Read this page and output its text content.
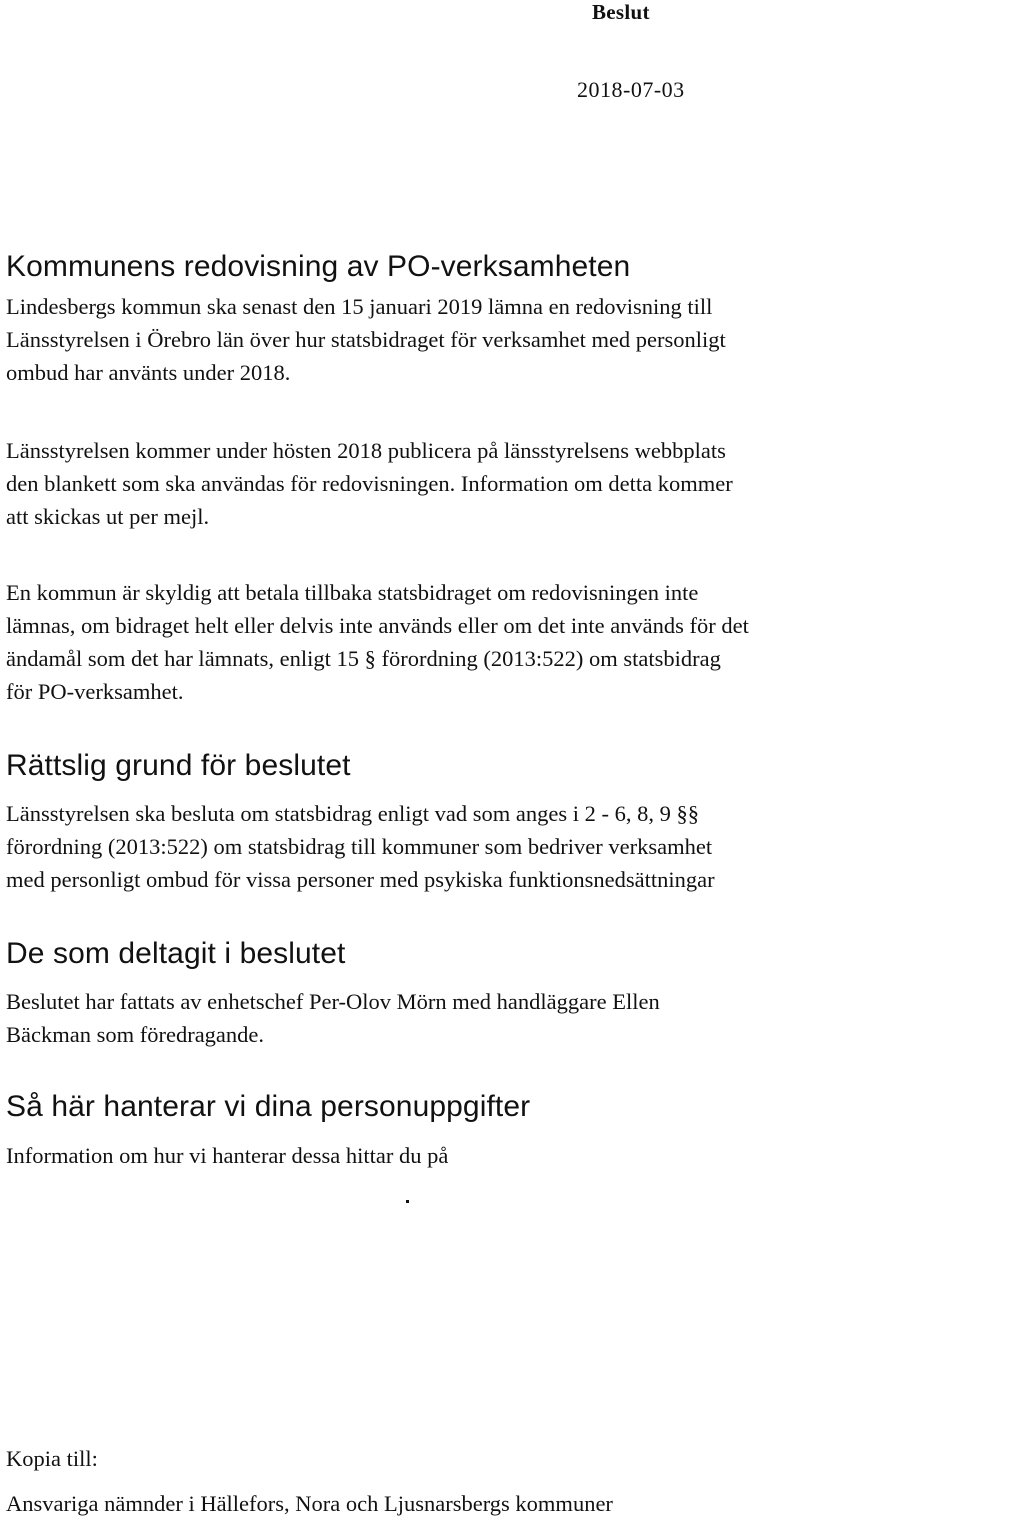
Beslut
2018-07-03
Kommunens redovisning av PO-verksamheten

Lindesbergs kommun ska senast den 15 januari 2019 lämna en redovisning till
Länsstyrelsen i Örebro län över hur statsbidraget för verksamhet med personligt
ombud har använts under 2018.

Länsstyrelsen kommer under hösten 2018 publicera på länsstyrelsens webbplats
den blankett som ska användas för redovisningen. Information om detta kommer
att skickas ut per mejl.

En kommun är skyldig att betala tillbaka statsbidraget om redovisningen inte
lämnas, om bidraget helt eller delvis inte används eller om det inte används för det
ändamål som det har lämnats, enligt 15 § förordning (2013:522) om statsbidrag
för PO-verksamhet.

Rättslig grund för beslutet

Länsstyrelsen ska besluta om statsbidrag enligt vad som anges i 2 - 6, 8, 9 §§
förordning (2013:522) om statsbidrag till kommuner som bedriver verksamhet
med personligt ombud för vissa personer med psykiska funktionsnedsättningar

De som deltagit i beslutet

Beslutet har fattats av enhetschef Per-Olov Mörn med handläggare Ellen
Bäckman som föredragande.

Så här hanterar vi dina personuppgifter

Information om hur vi hanterar dessa hittar du på

Kopia till:

Ansvariga nämnder i Hällefors, Nora och Ljusnarsbergs kommuner
